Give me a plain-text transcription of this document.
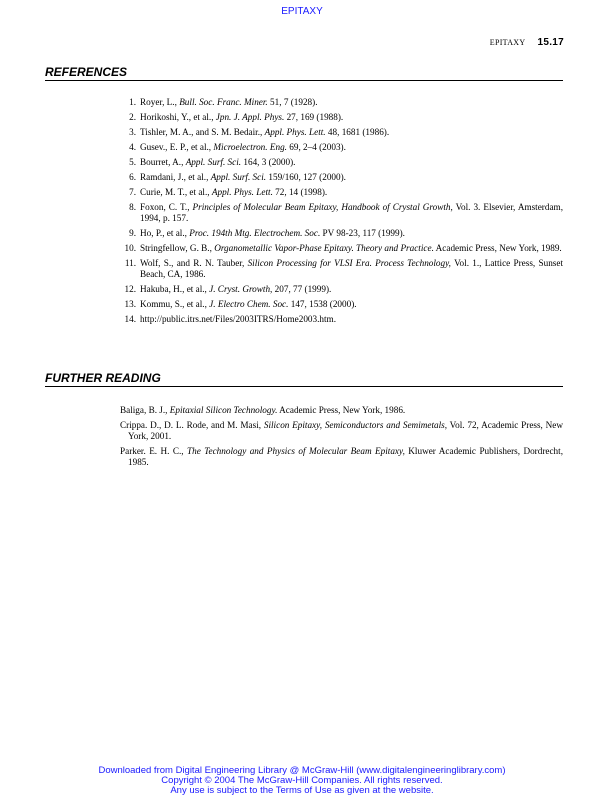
EPITAXY
EPITAXY 15.17
REFERENCES
1. Royer, L., Bull. Soc. Franc. Miner. 51, 7 (1928).
2. Horikoshi, Y., et al., Jpn. J. Appl. Phys. 27, 169 (1988).
3. Tishler, M. A., and S. M. Bedair., Appl. Phys. Lett. 48, 1681 (1986).
4. Gusev., E. P., et al., Microelectron. Eng. 69, 2–4 (2003).
5. Bourret, A., Appl. Surf. Sci. 164, 3 (2000).
6. Ramdani, J., et al., Appl. Surf. Sci. 159/160, 127 (2000).
7. Curie, M. T., et al., Appl. Phys. Lett. 72, 14 (1998).
8. Foxon, C. T., Principles of Molecular Beam Epitaxy, Handbook of Crystal Growth, Vol. 3. Elsevier, Amsterdam, 1994, p. 157.
9. Ho, P., et al., Proc. 194th Mtg. Electrochem. Soc. PV 98-23, 117 (1999).
10. Stringfellow, G. B., Organometallic Vapor-Phase Epitaxy. Theory and Practice. Academic Press, New York, 1989.
11. Wolf, S., and R. N. Tauber, Silicon Processing for VLSI Era. Process Technology, Vol. 1., Lattice Press, Sunset Beach, CA, 1986.
12. Hakuba, H., et al., J. Cryst. Growth, 207, 77 (1999).
13. Kommu, S., et al., J. Electro Chem. Soc. 147, 1538 (2000).
14. http://public.itrs.net/Files/2003ITRS/Home2003.htm.
FURTHER READING
Baliga, B. J., Epitaxial Silicon Technology. Academic Press, New York, 1986.
Crippa. D., D. L. Rode, and M. Masi, Silicon Epitaxy, Semiconductors and Semimetals, Vol. 72, Academic Press, New York, 2001.
Parker. E. H. C., The Technology and Physics of Molecular Beam Epitaxy, Kluwer Academic Publishers, Dordrecht, 1985.
Downloaded from Digital Engineering Library @ McGraw-Hill (www.digitalengineeringlibrary.com)
Copyright © 2004 The McGraw-Hill Companies. All rights reserved.
Any use is subject to the Terms of Use as given at the website.
